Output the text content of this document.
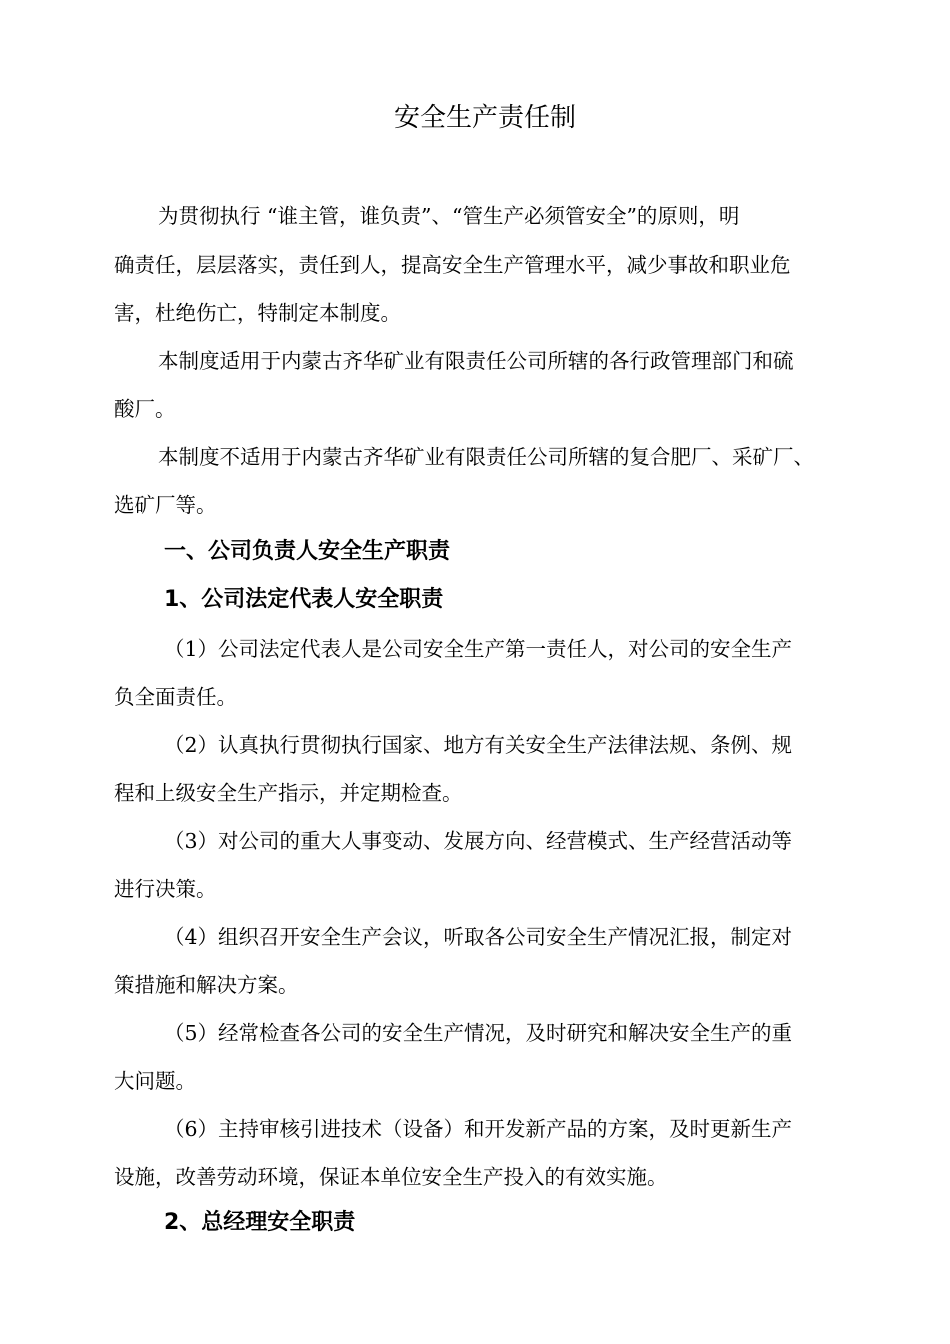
安全生产责任制
为贯彻执行 “谁主管，谁负责”、“管生产必须管安全”的原则，明
确责任，层层落实，责任到人，提高安全生产管理水平，减少事故和职业危
害，杜绝伤亡，特制定本制度。
本制度适用于内蒙古齐华矿业有限责任公司所辖的各行政管理部门和硫
酸厂。
本制度不适用于内蒙古齐华矿业有限责任公司所辖的复合肥厂、采矿厂、
选矿厂等。
一、公司负责人安全生产职责
1、公司法定代表人安全职责
（1）公司法定代表人是公司安全生产第一责任人，对公司的安全生产
负全面责任。
（2）认真执行贯彻执行国家、地方有关安全生产法律法规、条例、规
程和上级安全生产指示，并定期检查。
（3）对公司的重大人事变动、发展方向、经营模式、生产经营活动等
进行决策。
（4）组织召开安全生产会议，听取各公司安全生产情况汇报，制定对
策措施和解决方案。
（5）经常检查各公司的安全生产情况，及时研究和解决安全生产的重
大问题。
（6）主持审核引进技术（设备）和开发新产品的方案，及时更新生产
设施，改善劳动环境，保证本单位安全生产投入的有效实施。
2、总经理安全职责
